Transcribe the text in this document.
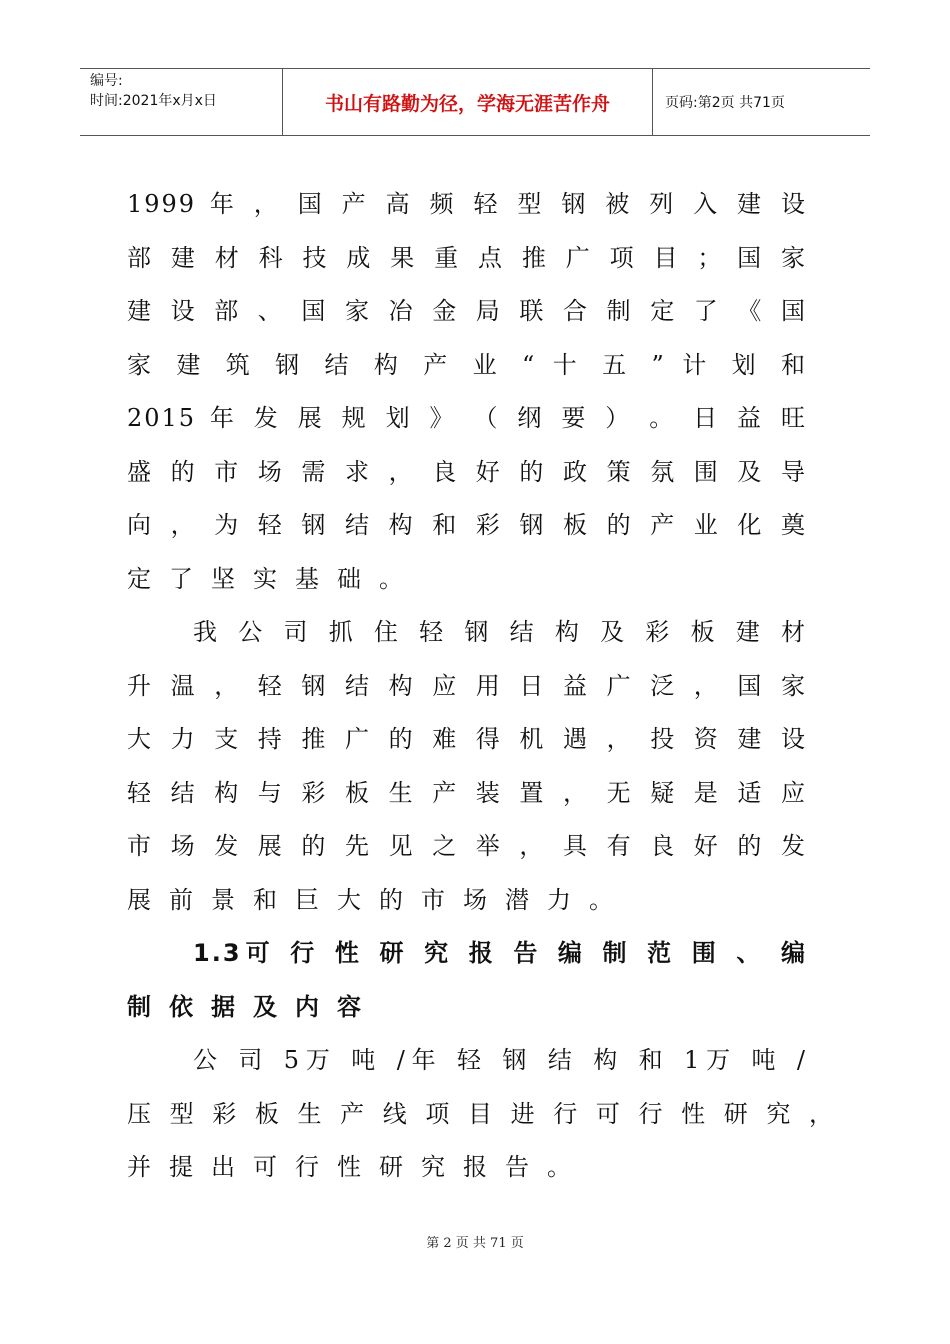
编号:
时间:2021年x月x日	书山有路勤为径，学海无涯苦作舟	页码:第2页 共71页
1999 年 ， 国 产 高 频 轻 型 钢 被 列 入 建 设
部 建 材 科 技 成 果 重 点 推 广 项 目 ； 国 家
建 设 部 、 国 家 冶 金 局 联 合 制 定 了 《 国
家 建 筑 钢 结 构 产 业 “ 十 五 ” 计 划 和
2015 年 发 展 规 划 》 （ 纲 要 ） 。 日 益 旺
盛 的 市 场 需 求 ， 良 好 的 政 策 氛 围 及 导
向 ， 为 轻 钢 结 构 和 彩 钢 板 的 产 业 化 奠
定了坚实基础。
我 公 司 抓 住 轻 钢 结 构 及 彩 板 建 材
升 温 ， 轻 钢 结 构 应 用 日 益 广 泛 ， 国 家
大 力 支 持 推 广 的 难 得 机 遇 ， 投 资 建 设
轻 结 构 与 彩 板 生 产 装 置 ， 无 疑 是 适 应
市 场 发 展 的 先 见 之 举 ， 具 有 良 好 的 发
展前景和巨大的市场潜力。
1.3可 行 性 研 究 报 告 编 制 范 围 、 编
制依据及内容
公 司 5万 吨 /年 轻 钢 结 构 和 1万 吨 /
压 型 彩 板 生 产 线 项 目 进 行 可 行 性 研 究 ，
并提出可行性研究报告。
第 2 页 共 71 页
